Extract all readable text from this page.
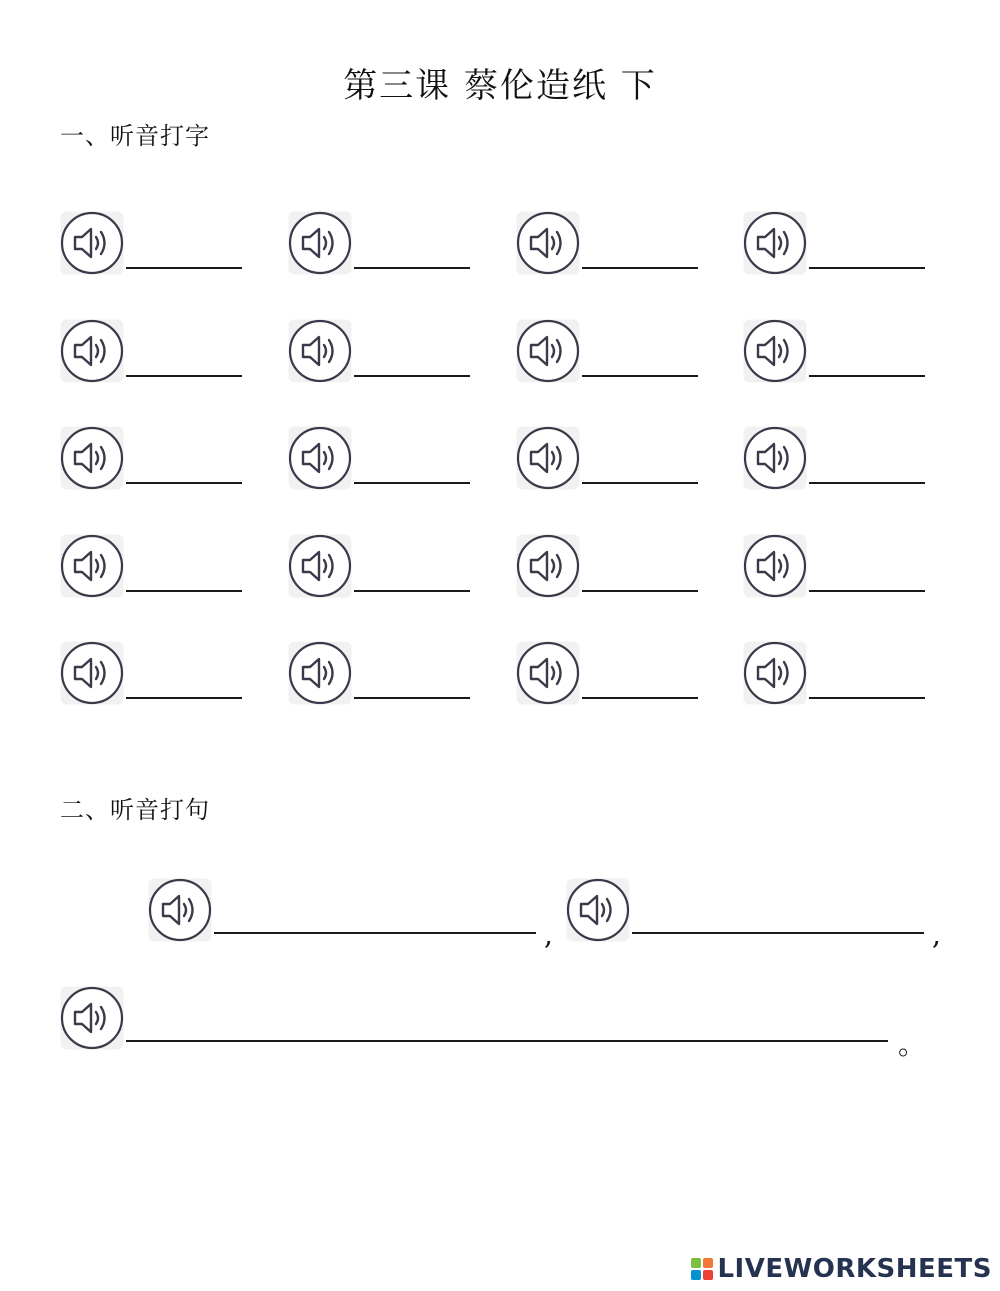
第三课 蔡伦造纸 下
一、听音打字
二、听音打句
,	,
。
LIVEWORKSHEETS
